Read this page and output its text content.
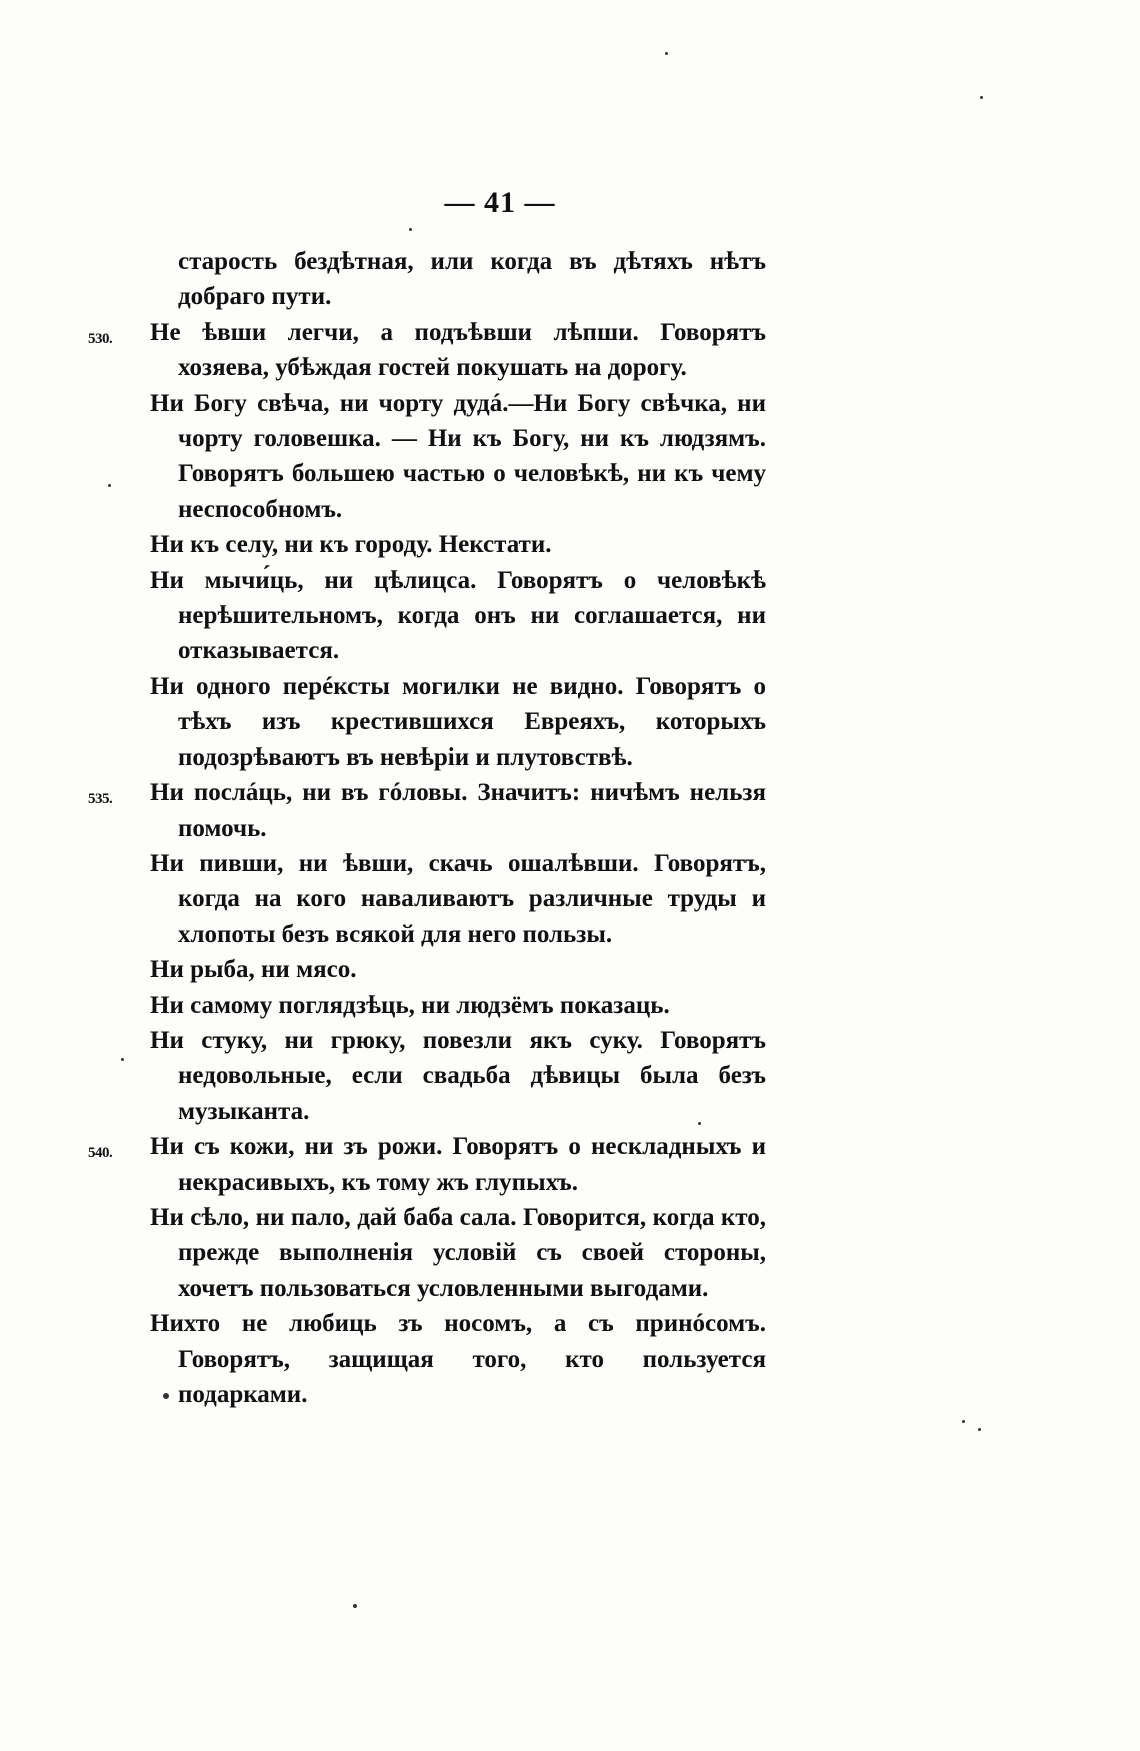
— 41 —

старость бездѣтная, или когда въ дѣтяхъ нѣтъ добраго пути.

530. Не ѣвши легчи, а подъѣвши лѣпши. Говорятъ хозяева, убѣждая гостей покушать на дорогу.

Ни Богу свѣча, ни чорту дудá.—Ни Богу свѣчка, ни чорту головешка. — Ни къ Богу, ни къ людзямъ. Говорятъ большею частью о человѣкѣ, ни къ чему неспособномъ.

Ни къ селу, ни къ городу. Некстати.

Ни мычи́ць, ни цѣлицса. Говорятъ о человѣкѣ нерѣшительномъ, когда онъ ни соглашается, ни отказывается.

Ни одного перéксты могилки не видно. Говорятъ о тѣхъ изъ крестившихся Евреяхъ, которыхъ подозрѣваютъ въ невѣріи и плутовствѣ.

535. Ни послáць, ни въ гóловы. Значитъ: ничѣмъ нельзя помочь.

Ни пивши, ни ѣвши, скачь ошалѣвши. Говорятъ, когда на кого наваливаютъ различные труды и хлопоты безъ всякой для него пользы.

Ни рыба, ни мясо.

Ни самому поглядзѣць, ни людзёмъ показаць.

Ни стуку, ни грюку, повезли якъ суку. Говорятъ недовольные, если свадьба дѣвицы была безъ музыканта.

540. Ни съ кожи, ни зъ рожи. Говорятъ о нескладныхъ и некрасивыхъ, къ тому жъ глупыхъ.

Ни сѣло, ни пало, дай баба сала. Говорится, когда кто, прежде выполненія условій съ своей стороны, хочетъ пользоваться условленными выгодами.

Нихто не любиць зъ носомъ, а съ принóсомъ. Говорятъ, защищая того, кто пользуется подарками.
